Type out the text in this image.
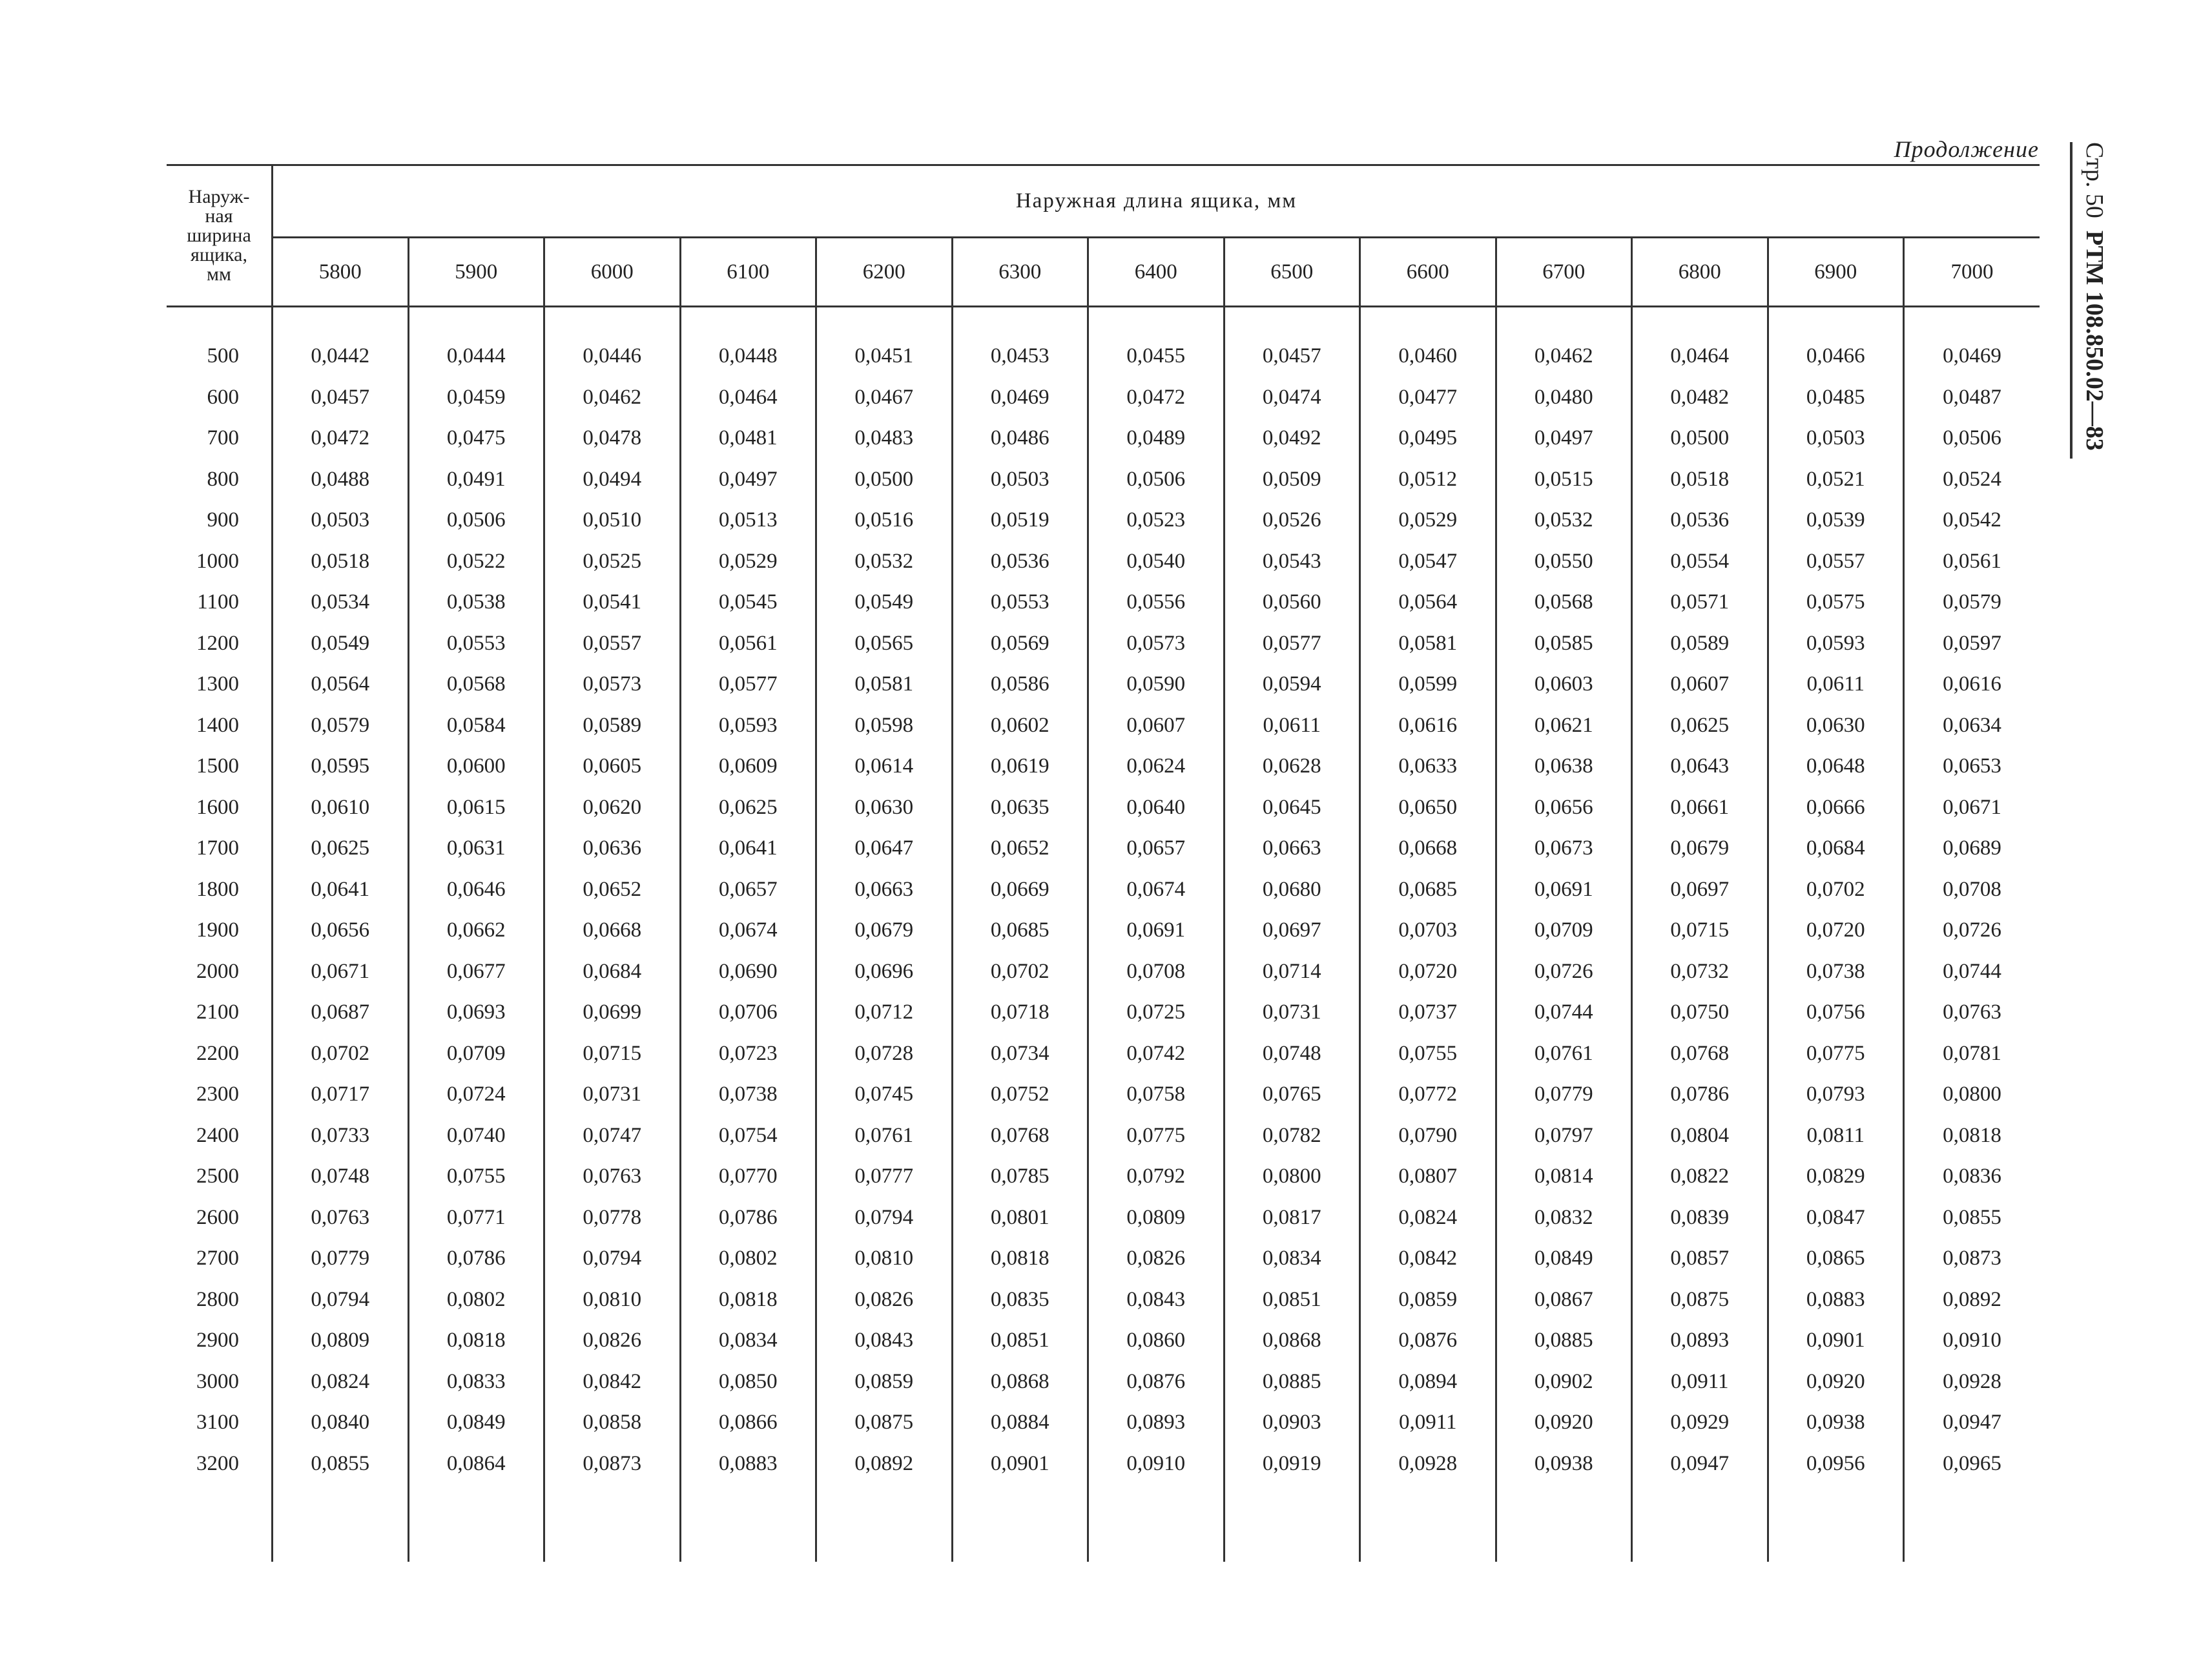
Продолжение Стр. 50  РТМ 108.850.02—83
Наруж-
ная
ширина
ящика,
мм	Наружная длина ящика, мм												
	5800	5900	6000	6100	6200	6300	6400	6500	6600	6700	6800	6900	7000

500	0,0442	0,0444	0,0446	0,0448	0,0451	0,0453	0,0455	0,0457	0,0460	0,0462	0,0464	0,0466	0,0469
600	0,0457	0,0459	0,0462	0,0464	0,0467	0,0469	0,0472	0,0474	0,0477	0,0480	0,0482	0,0485	0,0487
700	0,0472	0,0475	0,0478	0,0481	0,0483	0,0486	0,0489	0,0492	0,0495	0,0497	0,0500	0,0503	0,0506
800	0,0488	0,0491	0,0494	0,0497	0,0500	0,0503	0,0506	0,0509	0,0512	0,0515	0,0518	0,0521	0,0524
900	0,0503	0,0506	0,0510	0,0513	0,0516	0,0519	0,0523	0,0526	0,0529	0,0532	0,0536	0,0539	0,0542
1000	0,0518	0,0522	0,0525	0,0529	0,0532	0,0536	0,0540	0,0543	0,0547	0,0550	0,0554	0,0557	0,0561
1100	0,0534	0,0538	0,0541	0,0545	0,0549	0,0553	0,0556	0,0560	0,0564	0,0568	0,0571	0,0575	0,0579
1200	0,0549	0,0553	0,0557	0,0561	0,0565	0,0569	0,0573	0,0577	0,0581	0,0585	0,0589	0,0593	0,0597
1300	0,0564	0,0568	0,0573	0,0577	0,0581	0,0586	0,0590	0,0594	0,0599	0,0603	0,0607	0,0611	0,0616
1400	0,0579	0,0584	0,0589	0,0593	0,0598	0,0602	0,0607	0,0611	0,0616	0,0621	0,0625	0,0630	0,0634
1500	0,0595	0,0600	0,0605	0,0609	0,0614	0,0619	0,0624	0,0628	0,0633	0,0638	0,0643	0,0648	0,0653
1600	0,0610	0,0615	0,0620	0,0625	0,0630	0,0635	0,0640	0,0645	0,0650	0,0656	0,0661	0,0666	0,0671
1700	0,0625	0,0631	0,0636	0,0641	0,0647	0,0652	0,0657	0,0663	0,0668	0,0673	0,0679	0,0684	0,0689
1800	0,0641	0,0646	0,0652	0,0657	0,0663	0,0669	0,0674	0,0680	0,0685	0,0691	0,0697	0,0702	0,0708
1900	0,0656	0,0662	0,0668	0,0674	0,0679	0,0685	0,0691	0,0697	0,0703	0,0709	0,0715	0,0720	0,0726
2000	0,0671	0,0677	0,0684	0,0690	0,0696	0,0702	0,0708	0,0714	0,0720	0,0726	0,0732	0,0738	0,0744
2100	0,0687	0,0693	0,0699	0,0706	0,0712	0,0718	0,0725	0,0731	0,0737	0,0744	0,0750	0,0756	0,0763
2200	0,0702	0,0709	0,0715	0,0723	0,0728	0,0734	0,0742	0,0748	0,0755	0,0761	0,0768	0,0775	0,0781
2300	0,0717	0,0724	0,0731	0,0738	0,0745	0,0752	0,0758	0,0765	0,0772	0,0779	0,0786	0,0793	0,0800
2400	0,0733	0,0740	0,0747	0,0754	0,0761	0,0768	0,0775	0,0782	0,0790	0,0797	0,0804	0,0811	0,0818
2500	0,0748	0,0755	0,0763	0,0770	0,0777	0,0785	0,0792	0,0800	0,0807	0,0814	0,0822	0,0829	0,0836
2600	0,0763	0,0771	0,0778	0,0786	0,0794	0,0801	0,0809	0,0817	0,0824	0,0832	0,0839	0,0847	0,0855
2700	0,0779	0,0786	0,0794	0,0802	0,0810	0,0818	0,0826	0,0834	0,0842	0,0849	0,0857	0,0865	0,0873
2800	0,0794	0,0802	0,0810	0,0818	0,0826	0,0835	0,0843	0,0851	0,0859	0,0867	0,0875	0,0883	0,0892
2900	0,0809	0,0818	0,0826	0,0834	0,0843	0,0851	0,0860	0,0868	0,0876	0,0885	0,0893	0,0901	0,0910
3000	0,0824	0,0833	0,0842	0,0850	0,0859	0,0868	0,0876	0,0885	0,0894	0,0902	0,0911	0,0920	0,0928
3100	0,0840	0,0849	0,0858	0,0866	0,0875	0,0884	0,0893	0,0903	0,0911	0,0920	0,0929	0,0938	0,0947
3200	0,0855	0,0864	0,0873	0,0883	0,0892	0,0901	0,0910	0,0919	0,0928	0,0938	0,0947	0,0956	0,0965
